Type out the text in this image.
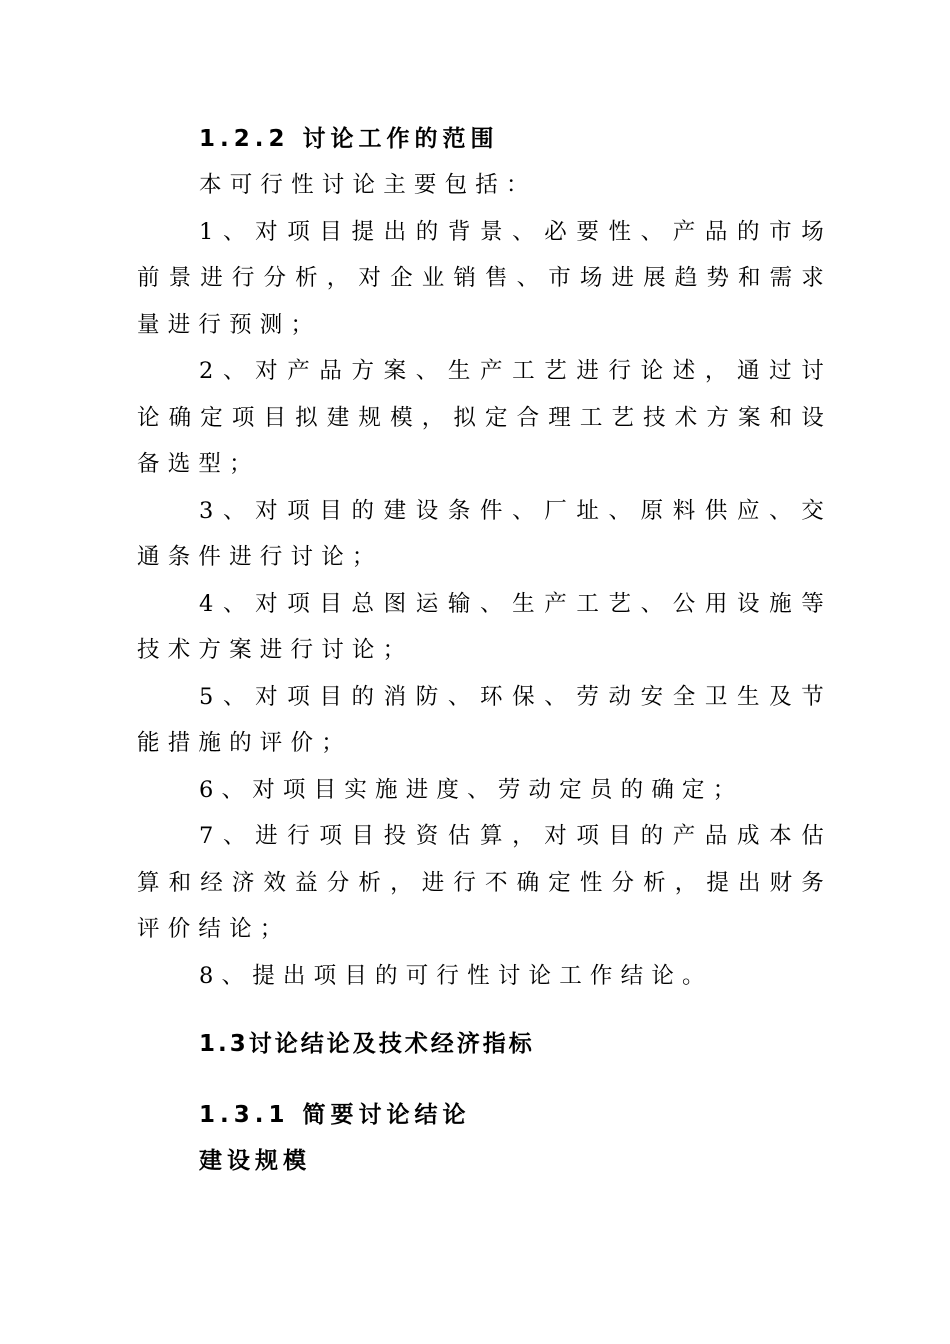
1.2.2 讨论工作的范围

本可行性讨论主要包括：

1、对项目提出的背景、必要性、产品的市场前景进行分析，对企业销售、市场进展趋势和需求量进行预测；

2、对产品方案、生产工艺进行论述，通过讨论确定项目拟建规模，拟定合理工艺技术方案和设备选型；

3、对项目的建设条件、厂址、原料供应、交通条件进行讨论；

4、对项目总图运输、生产工艺、公用设施等技术方案进行讨论；

5、对项目的消防、环保、劳动安全卫生及节能措施的评价；

6、对项目实施进度、劳动定员的确定；

7、进行项目投资估算，对项目的产品成本估算和经济效益分析，进行不确定性分析，提出财务评价结论；

8、提出项目的可行性讨论工作结论。

1.3讨论结论及技术经济指标
1.3.1 简要讨论结论
建设规模
